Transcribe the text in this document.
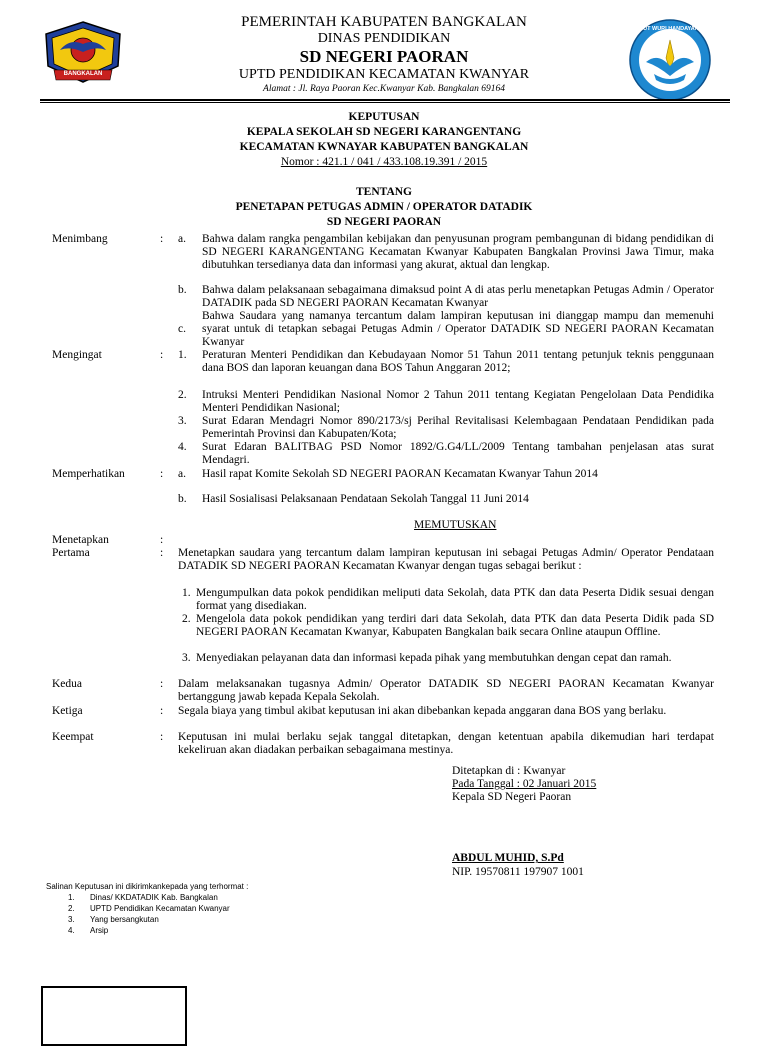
BANGKALAN
TUT WURI HANDAYANI
PEMERINTAH KABUPATEN BANGKALAN
DINAS PENDIDIKAN
SD NEGERI PAORAN
UPTD PENDIDIKAN KECAMATAN KWANYAR
Alamat : Jl. Raya Paoran Kec.Kwanyar Kab. Bangkalan 69164
KEPUTUSAN
KEPALA SEKOLAH SD NEGERI KARANGENTANG
KECAMATAN KWNAYAR KABUPATEN BANGKALAN
Nomor : 421.1 / 041 / 433.108.19.391 / 2015
TENTANG
PENETAPAN PETUGAS ADMIN / OPERATOR DATADIK
SD NEGERI PAORAN
Menimbang	: a. Bahwa dalam rangka pengambilan kebijakan dan penyusunan program pembangunan di bidang pendidikan di SD NEGERI KARANGENTANG Kecamatan Kwanyar Kabupaten Bangkalan Provinsi Jawa Timur, maka dibutuhkan tersedianya data dan informasi yang akurat, aktual dan lengkap.
b. Bahwa dalam pelaksanaan sebagaimana dimaksud point A di atas perlu menetapkan Petugas Admin / Operator DATADIK pada SD NEGERI PAORAN Kecamatan Kwanyar
c.
Bahwa Saudara yang namanya tercantum dalam lampiran keputusan ini dianggap mampu dan memenuhi syarat untuk di tetapkan sebagai Petugas Admin / Operator DATADIK SD NEGERI PAORAN Kecamatan Kwanyar
Mengingat	: 1. Peraturan Menteri Pendidikan dan Kebudayaan Nomor 51 Tahun 2011 tentang petunjuk teknis penggunaan dana BOS dan laporan keuangan dana BOS Tahun Anggaran 2012;
2. Intruksi Menteri Pendidikan Nasional Nomor 2 Tahun 2011 tentang Kegiatan Pengelolaan Data Pendidika Menteri Pendidikan Nasional;
3. Surat Edaran Mendagri Nomor 890/2173/sj Perihal Revitalisasi Kelembagaan Pendataan Pendidikan pada Pemerintah Provinsi dan Kabupaten/Kota;
4. Surat Edaran BALITBAG PSD Nomor 1892/G.G4/LL/2009 Tentang tambahan penjelasan atas surat Mendagri.
Memperhatikan	: a. Hasil rapat Komite Sekolah SD NEGERI PAORAN Kecamatan Kwanyar Tahun 2014
b. Hasil Sosialisasi Pelaksanaan Pendataan Sekolah Tanggal 11 Juni 2014
MEMUTUSKAN
Menetapkan	:
Pertama	: Menetapkan saudara yang tercantum dalam lampiran keputusan ini sebagai Petugas Admin/ Operator Pendataan DATADIK SD NEGERI PAORAN Kecamatan Kwanyar dengan tugas sebagai berikut :
1. Mengumpulkan data pokok pendidikan meliputi data Sekolah, data PTK dan data Peserta Didik sesuai dengan format yang disediakan.
2. Mengelola data pokok pendidikan yang terdiri dari data Sekolah, data PTK dan data Peserta Didik pada SD NEGERI PAORAN Kecamatan Kwanyar, Kabupaten Bangkalan baik secara Online ataupun Offline.
3. Menyediakan pelayanan data dan informasi kepada pihak yang membutuhkan dengan cepat dan ramah.
Kedua	: Dalam melaksanakan tugasnya Admin/ Operator DATADIK SD NEGERI PAORAN Kecamatan Kwanyar bertanggung jawab kepada Kepala Sekolah.
Ketiga	: Segala biaya yang timbul akibat keputusan ini akan dibebankan kepada anggaran dana BOS yang berlaku.
Keempat	: Keputusan ini mulai berlaku sejak tanggal ditetapkan, dengan ketentuan apabila dikemudian hari terdapat kekeliruan akan diadakan perbaikan sebagaimana mestinya.
Ditetapkan di : Kwanyar
Pada Tanggal : 02 Januari 2015
Kepala SD Negeri Paoran
ABDUL MUHID, S.Pd
NIP. 19570811 197907 1001
Salinan Keputusan ini dikirimkankepada yang terhormat :
1. Dinas/ KKDATADIK Kab. Bangkalan
2. UPTD Pendidikan Kecamatan Kwanyar
3. Yang bersangkutan
4. Arsip
